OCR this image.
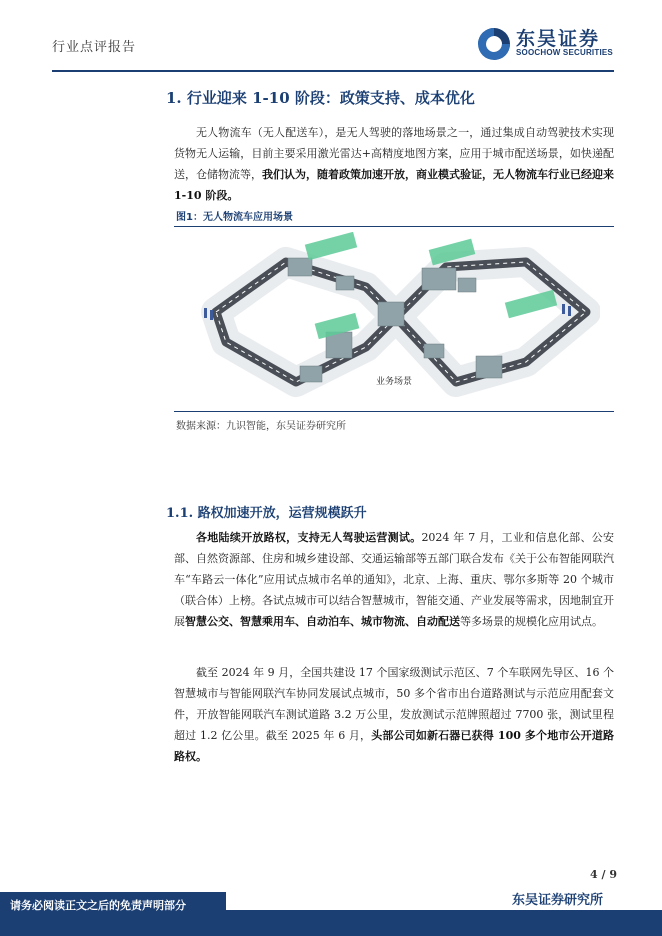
行业点评报告	东吴证券
SOOCHOW SECURITIES
1. 行业迎来 1-10 阶段：政策支持、成本优化
无人物流车（无人配送车），是无人驾驶的落地场景之一，通过集成自动驾驶技术实现货物无人运输，目前主要采用激光雷达+高精度地图方案，应用于城市配送场景，如快递配送，仓储物流等，我们认为，随着政策加速开放，商业模式验证，无人物流车行业已经迎来 1-10 阶段。
图1：无人物流车应用场景
业务场景
数据来源：九识智能，东吴证券研究所
1.1. 路权加速开放，运营规模跃升
各地陆续开放路权，支持无人驾驶运营测试。2024 年 7 月，工业和信息化部、公安部、自然资源部、住房和城乡建设部、交通运输部等五部门联合发布《关于公布智能网联汽车“车路云一体化”应用试点城市名单的通知》，北京、上海、重庆、鄂尔多斯等 20 个城市（联合体）上榜。各试点城市可以结合智慧城市，智能交通、产业发展等需求，因地制宜开展智慧公交、智慧乘用车、自动泊车、城市物流、自动配送等多场景的规模化应用试点。
截至 2024 年 9 月，全国共建设 17 个国家级测试示范区、7 个车联网先导区、16 个智慧城市与智能网联汽车协同发展试点城市，50 多个省市出台道路测试与示范应用配套文件，开放智能网联汽车测试道路 3.2 万公里，发放测试示范牌照超过 7700 张，测试里程超过 1.2 亿公里。截至 2025 年 6 月，头部公司如新石器已获得 100 多个地市公开道路路权。
4 / 9
东吴证券研究所
请务必阅读正文之后的免责声明部分
